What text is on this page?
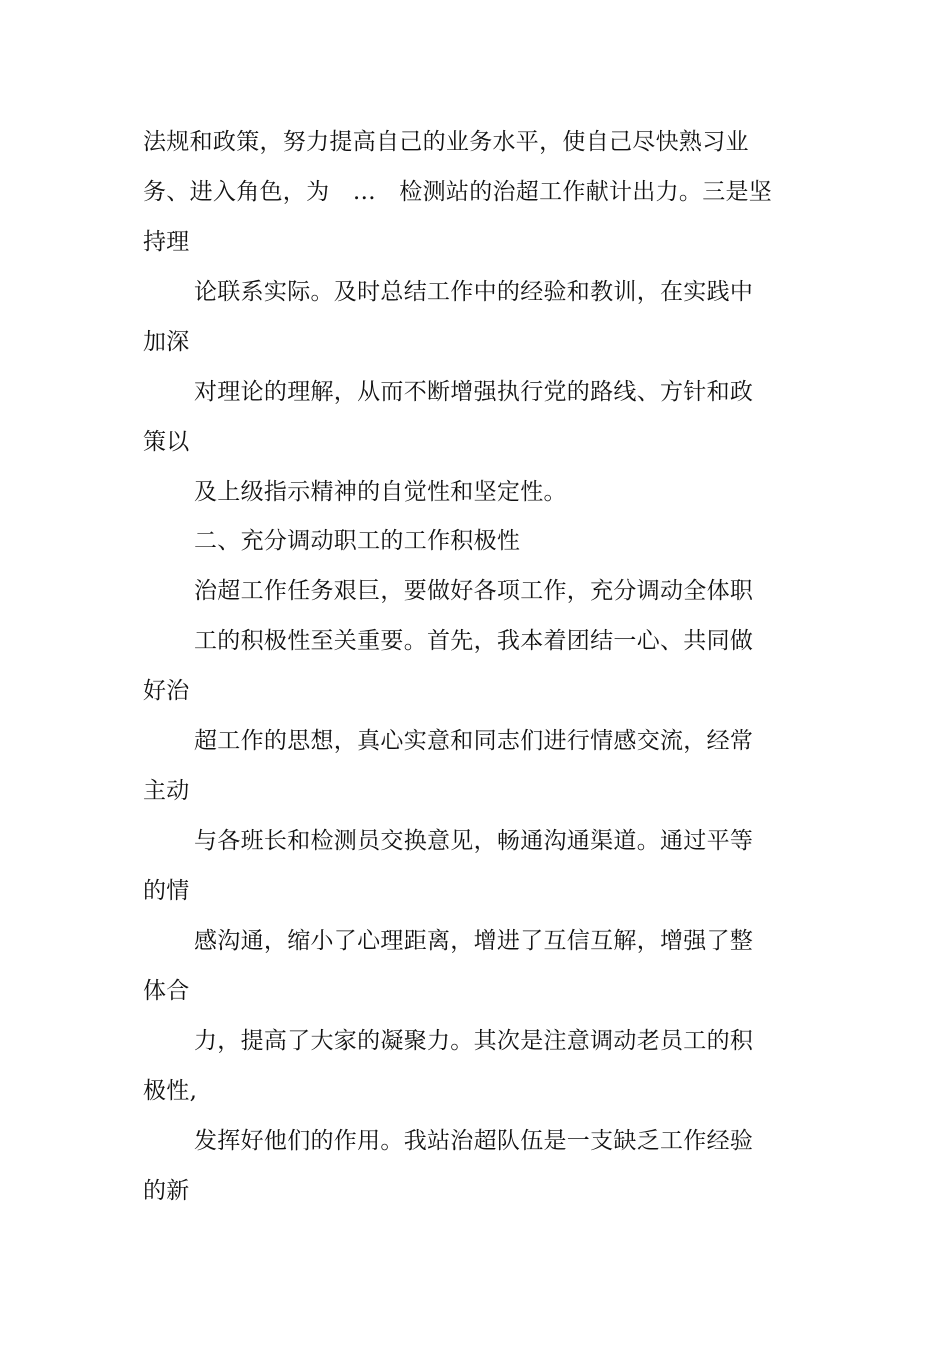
法规和政策，努力提高自己的业务水平，使自己尽快熟习业
务、进入角色，为　…　检测站的治超工作献计出力。三是坚
持理
论联系实际。及时总结工作中的经验和教训，在实践中
加深
对理论的理解，从而不断增强执行党的路线、方针和政
策以
及上级指示精神的自觉性和坚定性。
二、充分调动职工的工作积极性
治超工作任务艰巨，要做好各项工作，充分调动全体职
工的积极性至关重要。首先，我本着团结一心、共同做
好治
超工作的思想，真心实意和同志们进行情感交流，经常
主动
与各班长和检测员交换意见，畅通沟通渠道。通过平等
的情
感沟通，缩小了心理距离，增进了互信互解，增强了整
体合
力，提高了大家的凝聚力。其次是注意调动老员工的积
极性,
发挥好他们的作用。我站治超队伍是一支缺乏工作经验
的新
